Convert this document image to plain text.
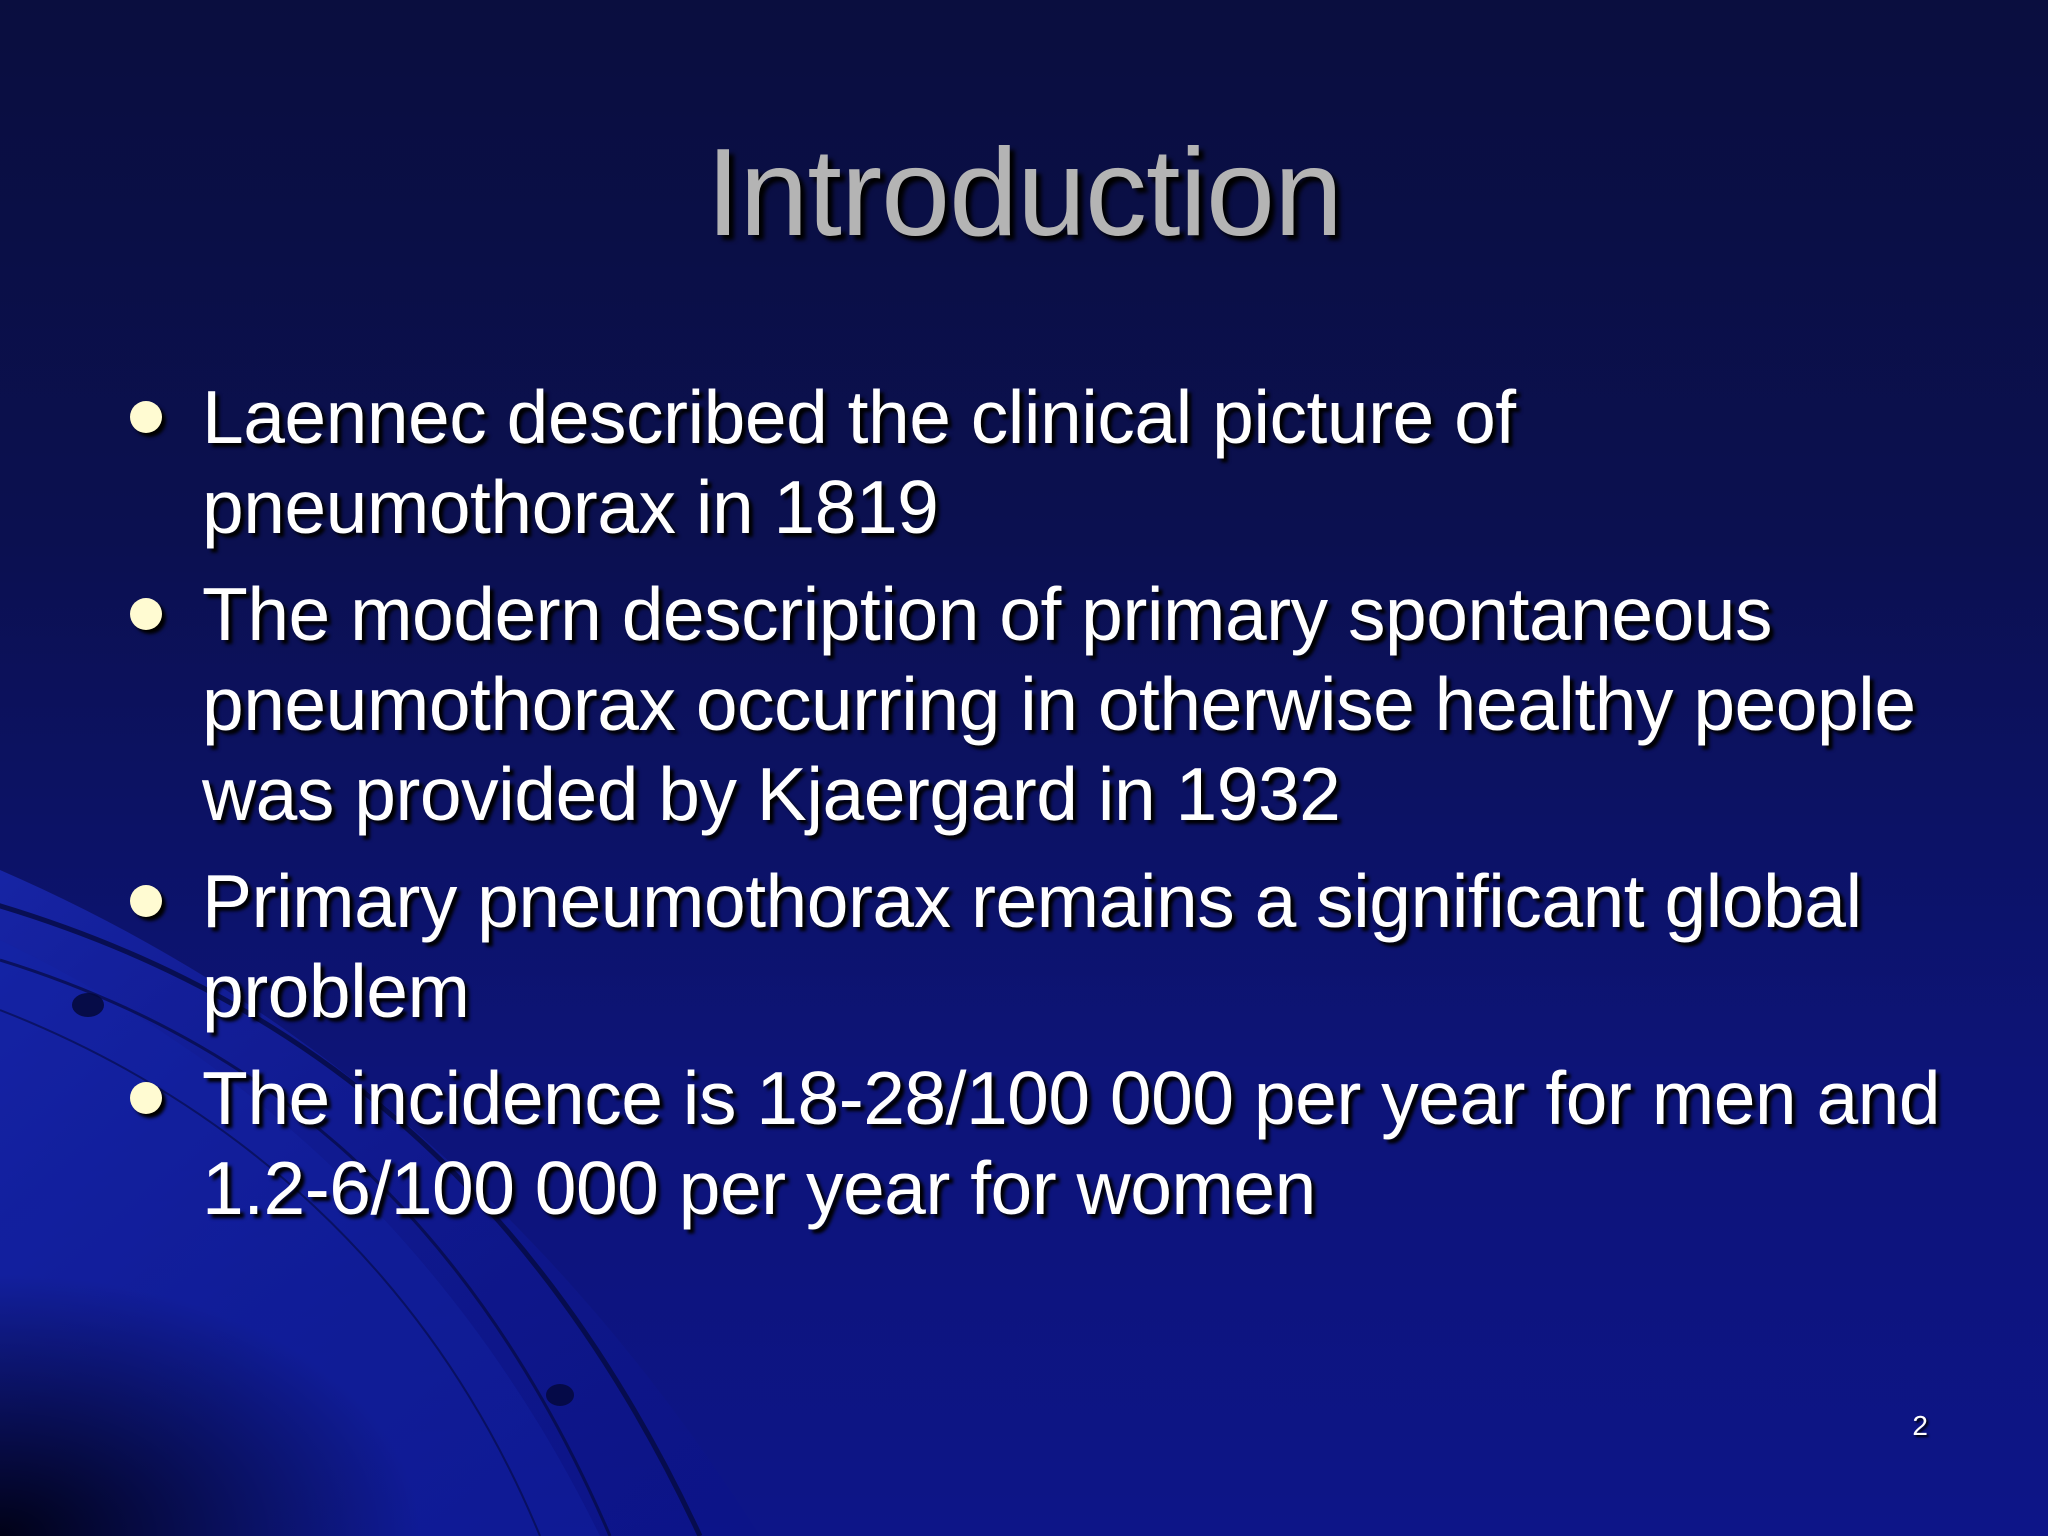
Introduction
Laennec described the clinical picture of pneumothorax in 1819
The modern description of primary spontaneous pneumothorax occurring in otherwise healthy people was provided by Kjaergard in 1932
Primary pneumothorax remains a significant global problem
The incidence is 18-28/100 000 per year for men and 1.2-6/100 000 per year for women
2
